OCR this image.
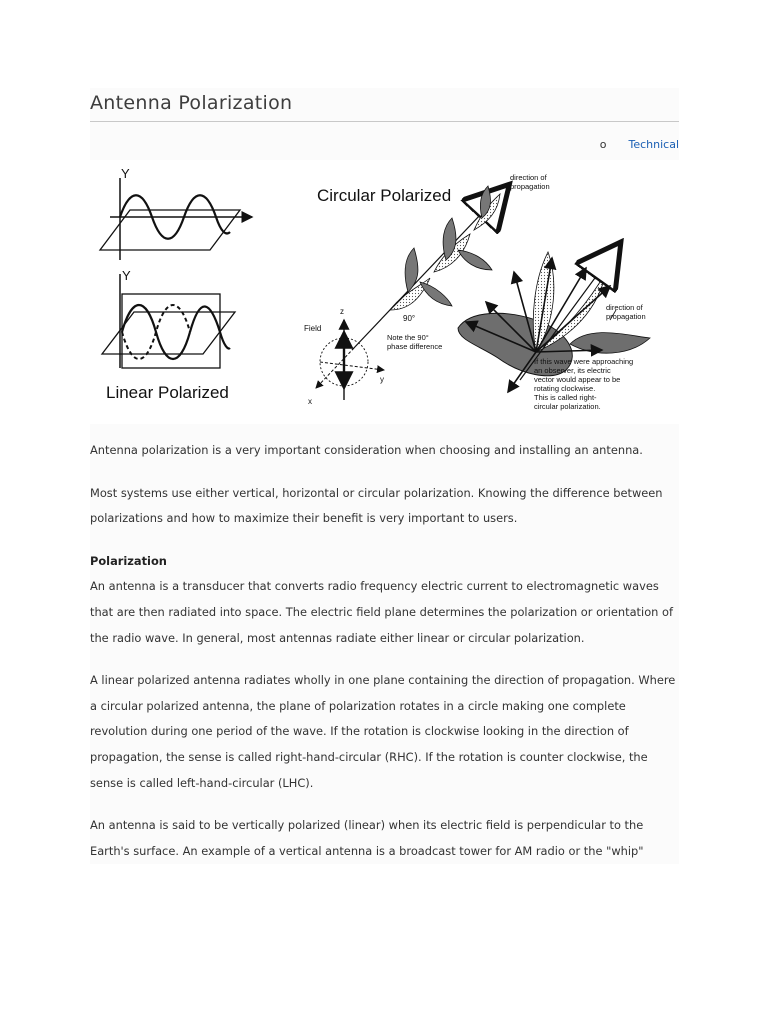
Antenna Polarization
o Technical
Y
Y
Linear Polarized
Circular Polarized
90°
direction of
propagation
Field
z
y
x
Note the 90°
phase difference
direction of
propagation
If this wave were approaching
an observer, its electric
vector would appear to be
rotating clockwise.
This is called right-
circular polarization.

Antenna polarization is a very important consideration when choosing and installing an antenna.

Most systems use either vertical, horizontal or circular polarization. Knowing the difference between polarizations and how to maximize their benefit is very important to users.

Polarization

An antenna is a transducer that converts radio frequency electric current to electromagnetic waves that are then radiated into space. The electric field plane determines the polarization or orientation of the radio wave. In general, most antennas radiate either linear or circular polarization.

A linear polarized antenna radiates wholly in one plane containing the direction of propagation. Where a circular polarized antenna, the plane of polarization rotates in a circle making one complete revolution during one period of the wave. If the rotation is clockwise looking in the direction of propagation, the sense is called right-hand-circular (RHC). If the rotation is counter clockwise, the sense is called left-hand-circular (LHC).

An antenna is said to be vertically polarized (linear) when its electric field is perpendicular to the Earth's surface. An example of a vertical antenna is a broadcast tower for AM radio or the "whip"
